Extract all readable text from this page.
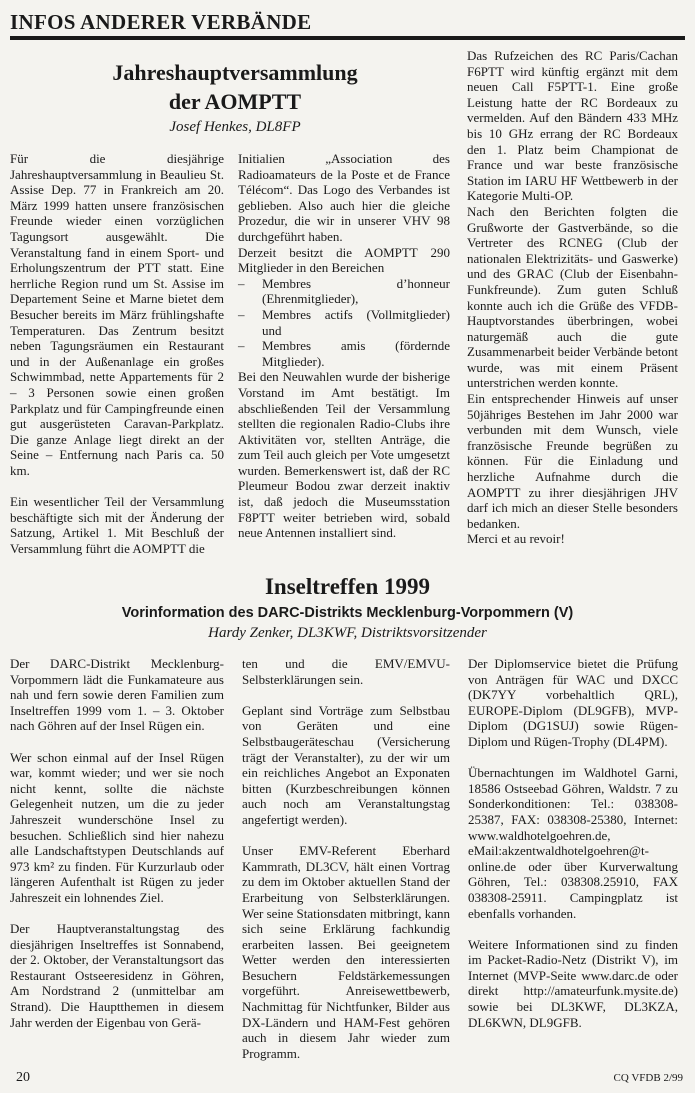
INFOS ANDERER VERBÄNDE
Jahreshauptversammlung
der AOMPTT
Josef Henkes, DL8FP

Für die diesjährige Jahreshauptversammlung in Beaulieu St. Assise Dep. 77 in Frankreich am 20. März 1999 hatten unsere französischen Freunde wieder einen vorzüglichen Tagungsort ausgewählt. Die Veranstaltung fand in einem Sport- und Erholungszentrum der PTT statt. Eine herrliche Region rund um St. Assise im Departement Seine et Marne bietet dem Besucher bereits im März frühlingshafte Temperaturen. Das Zentrum besitzt neben Tagungsräumen ein Restaurant und in der Außenanlage ein großes Schwimmbad, nette Appartements für 2 – 3 Personen sowie einen großen Parkplatz und für Campingfreunde einen gut ausgerüsteten Caravan-Parkplatz. Die ganze Anlage liegt direkt an der Seine – Entfernung nach Paris ca. 50 km.

Ein wesentlicher Teil der Versammlung beschäftigte sich mit der Änderung der Satzung, Artikel 1. Mit Beschluß der Versammlung führt die AOMPTT die

Initialien „Association des Radioamateurs de la Poste et de France Télécom“. Das Logo des Verbandes ist geblieben. Also auch hier die gleiche Prozedur, die wir in unserer VHV 98 durchgeführt haben.

Derzeit besitzt die AOMPTT 290 Mitglieder in den Bereichen

–	Membres d’honneur (Ehrenmitglieder),
–	Membres actifs (Vollmitglieder) und
–	Membres amis (fördernde Mitglieder).

Bei den Neuwahlen wurde der bisherige Vorstand im Amt bestätigt. Im abschließenden Teil der Versammlung stellten die regionalen Radio-Clubs ihre Aktivitäten vor, stellten Anträge, die zum Teil auch gleich per Vote umgesetzt wurden. Bemerkenswert ist, daß der RC Pleumeur Bodou zwar derzeit inaktiv ist, daß jedoch die Museumsstation F8PTT weiter betrieben wird, sobald neue Antennen installiert sind.

Das Rufzeichen des RC Paris/Cachan F6PTT wird künftig ergänzt mit dem neuen Call F5PTT-1. Eine große Leistung hatte der RC Bordeaux zu vermelden. Auf den Bändern 433 MHz bis 10 GHz errang der RC Bordeaux den 1. Platz beim Championat de France und war beste französische Station im IARU HF Wettbewerb in der Kategorie Multi-OP.

Nach den Berichten folgten die Grußworte der Gastverbände, so die Vertreter des RCNEG (Club der nationalen Elektrizitäts- und Gaswerke) und des GRAC (Club der Eisenbahn-Funkfreunde). Zum guten Schluß konnte auch ich die Grüße des VFDB-Hauptvorstandes überbringen, wobei naturgemäß auch die gute Zusammenarbeit beider Verbände betont wurde, was mit einem Präsent unterstrichen werden konnte.

Ein entsprechender Hinweis auf unser 50jähriges Bestehen im Jahr 2000 war verbunden mit dem Wunsch, viele französische Freunde begrüßen zu können. Für die Einladung und herzliche Aufnahme durch die AOMPTT zu ihrer diesjährigen JHV darf ich mich an dieser Stelle besonders bedanken.

Merci et au revoir!

Inseltreffen 1999
Vorinformation des DARC-Distrikts Mecklenburg-Vorpommern (V)
Hardy Zenker, DL3KWF, Distriktsvorsitzender

Der DARC-Distrikt Mecklenburg-Vorpommern lädt die Funkamateure aus nah und fern sowie deren Familien zum Inseltreffen 1999 vom 1. – 3. Oktober nach Göhren auf der Insel Rügen ein.

Wer schon einmal auf der Insel Rügen war, kommt wieder; und wer sie noch nicht kennt, sollte die nächste Gelegenheit nutzen, um die zu jeder Jahreszeit wunderschöne Insel zu besuchen. Schließlich sind hier nahezu alle Landschaftstypen Deutschlands auf 973 km² zu finden. Für Kurzurlaub oder längeren Aufenthalt ist Rügen zu jeder Jahreszeit ein lohnendes Ziel.

Der Hauptveranstaltungstag des diesjährigen Inseltreffes ist Sonnabend, der 2. Oktober, der Veranstaltungsort das Restaurant Ostseeresidenz in Göhren, Am Nordstrand 2 (unmittelbar am Strand). Die Hauptthemen in diesem Jahr werden der Eigenbau von Gerä-

ten und die EMV/EMVU-Selbsterklärungen sein.

Geplant sind Vorträge zum Selbstbau von Geräten und eine Selbstbaugeräteschau (Versicherung trägt der Veranstalter), zu der wir um ein reichliches Angebot an Exponaten bitten (Kurzbeschreibungen können auch noch am Veranstaltungstag angefertigt werden).

Unser EMV-Referent Eberhard Kammrath, DL3CV, hält einen Vortrag zu dem im Oktober aktuellen Stand der Erarbeitung von Selbsterklärungen. Wer seine Stationsdaten mitbringt, kann sich seine Erklärung fachkundig erarbeiten lassen. Bei geeignetem Wetter werden den interessierten Besuchern Feldstärkemessungen vorgeführt. Anreisewettbewerb, Nachmittag für Nichtfunker, Bilder aus DX-Ländern und HAM-Fest gehören auch in diesem Jahr wieder zum Programm.

Der Diplomservice bietet die Prüfung von Anträgen für WAC und DXCC (DK7YY vorbehaltlich QRL), EUROPE-Diplom (DL9GFB), MVP-Diplom (DG1SUJ) sowie Rügen-Diplom und Rügen-Trophy (DL4PM).

Übernachtungen im Waldhotel Garni, 18586 Ostseebad Göhren, Waldstr. 7 zu Sonderkonditionen: Tel.: 038308-25387, FAX: 038308-25380, Internet: www.waldhotelgoehren.de, eMail:akzentwaldhotelgoehren@t-online.de oder über Kurverwaltung Göhren, Tel.: 038308.25910, FAX 038308-25911. Campingplatz ist ebenfalls vorhanden.

Weitere Informationen sind zu finden im Packet-Radio-Netz (Distrikt V), im Internet (MVP-Seite www.darc.de oder direkt http://amateurfunk.mysite.de) sowie bei DL3KWF, DL3KZA, DL6KWN, DL9GFB.

20	CQ VFDB 2/99
